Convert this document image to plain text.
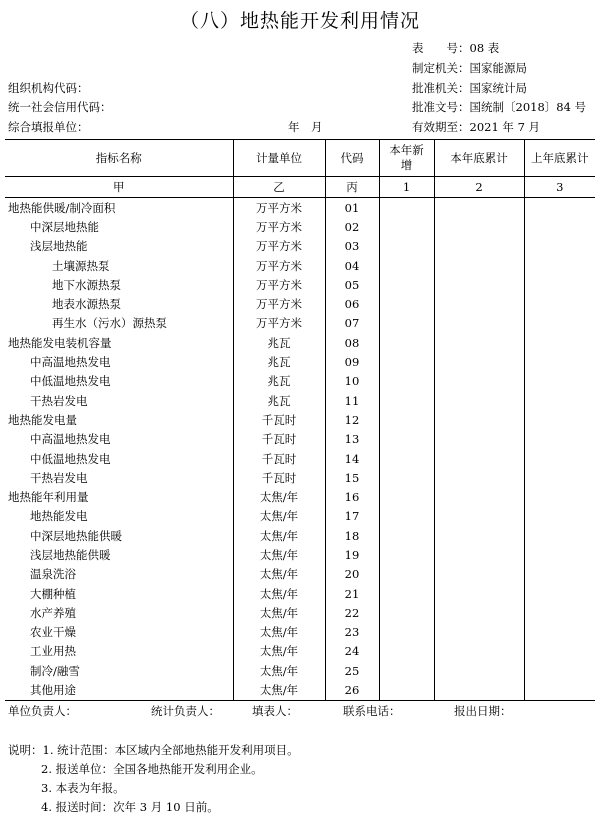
（八）地热能开发利用情况
表　　号：08 表
制定机关：国家能源局
批准机关：国家统计局
批准文号：国统制〔2018〕84 号
有效期至：2021 年 7 月
组织机构代码：
统一社会信用代码：
综合填报单位：	年 月
指标名称	计量单位	代码	本年新增	本年底累计	上年底累计
甲	乙	丙	1	2	3
地热能供暖/制冷面积	万平方米	01			
中深层地热能	万平方米	02			
浅层地热能	万平方米	03			
土壤源热泵	万平方米	04			
地下水源热泵	万平方米	05			
地表水源热泵	万平方米	06			
再生水（污水）源热泵	万平方米	07			
地热能发电装机容量	兆瓦	08			
中高温地热发电	兆瓦	09			
中低温地热发电	兆瓦	10			
干热岩发电	兆瓦	11			
地热能发电量	千瓦时	12			
中高温地热发电	千瓦时	13			
中低温地热发电	千瓦时	14			
干热岩发电	千瓦时	15			
地热能年利用量	太焦/年	16			
地热能发电	太焦/年	17			
中深层地热能供暖	太焦/年	18			
浅层地热能供暖	太焦/年	19			
温泉洗浴	太焦/年	20			
大棚种植	太焦/年	21			
水产养殖	太焦/年	22			
农业干燥	太焦/年	23			
工业用热	太焦/年	24			
制冷/融雪	太焦/年	25			
其他用途	太焦/年	26			
单位负责人：	统计负责人：	填表人：	联系电话：	报出日期：
说明：1. 统计范围：本区域内全部地热能开发利用项目。
2. 报送单位：全国各地热能开发利用企业。
3. 本表为年报。
4. 报送时间：次年 3 月 10 日前。
